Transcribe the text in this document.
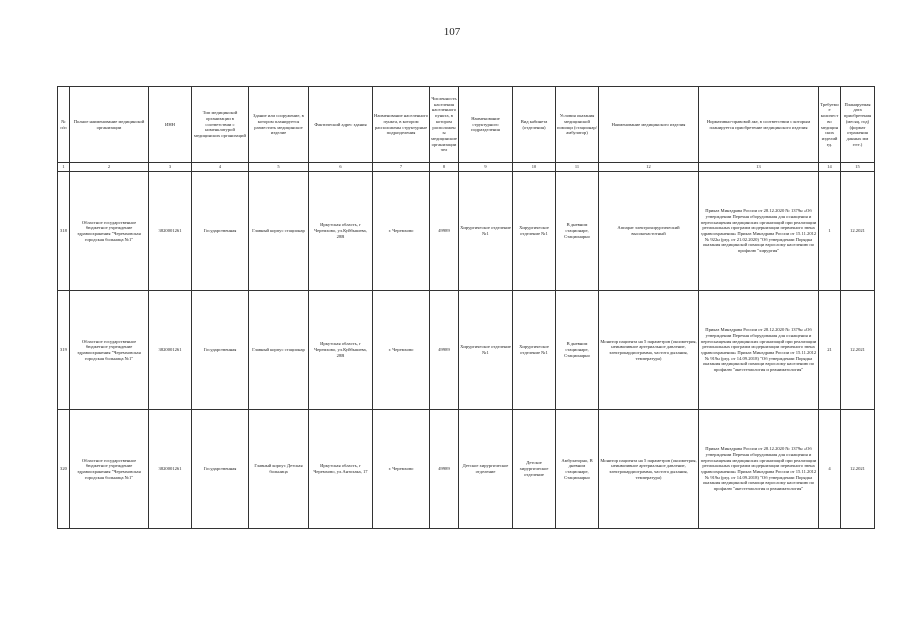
107
№ п/п	Полное наименование медицинской организации	ИНН	Тип медицинской организации в соответствии с номенклатурой медицинских организаций	Здание или сооружение, в котором планируется разместить медицинское изделие	Фактический адрес здания	Наименование населенного пункта, в котором расположены структурные подразделения	Численность населения населенного пункта, в котором расположены медицинские организации чел	Наименование структурного подразделения	Вид кабинета (отделения)	Условия оказания медицинской помощи (стационар/амбулатор)	Наименование медицинского изделия	Нормативно-правовой акт, в соответствии с которым планируется приобретение медицинского изделия	Требуемое количество медицинских изделий ед.	Планируемая дата приобретения (месяц, год) (формат отражения данных мм гггг.)
1	2	3	4	5	6	7	8	9	10	11	12	13	14	15
318	Областное государственное бюджетное учреждение здравоохранения "Черемховская городская больница №1"	3820001261	Государственная	Главный корпус стационар	Иркутская область, г Черемхово, ул.Куйбышева, 28В	г. Черемхово	49989	Хирургическое отделение №1	Хирургическое отделение №1	В дневном стационаре, Стационарно	Аппарат электрохирургический высокочастотный	Приказ Минздрава России от 28.12.2020 № 1379н «Об утверждении Перечня оборудования для оснащения и переоснащения медицинских организаций при реализации региональных программ модернизации первичного звена здравоохранения» Приказ Минздрава России от 15.11.2012 № 922н (ред. от 21.02.2020) "Об утверждении Порядка оказания медицинской помощи взрослому населению по профилю "хирургия"	1	12.2021
319	Областное государственное бюджетное учреждение здравоохранения "Черемховская городская больница №1"	3820001261	Государственная	Главный корпус стационар	Иркутская область, г Черемхово, ул.Куйбышева, 28В	г. Черемхово	49989	Хирургическое отделение №1	Хирургическое отделение №1	В дневном стационаре, Стационарно	Монитор пациента на 5 параметров (оксиметрия, неинвазивное артериальное давление, электрокардиограмма, частота дыхания, температура)	Приказ Минздрава России от 28.12.2020 № 1379н «Об утверждении Перечня оборудования для оснащения и переоснащения медицинских организаций при реализации региональных программ модернизации первичного звена здравоохранения» Приказ Минздрава России от 15.11.2012 № 919н (ред. от 14.09.2018) "Об утверждении Порядка оказания медицинской помощи взрослому населению по профилю "анестезиология и реаниматология"	21	12.2021
320	Областное государственное бюджетное учреждение здравоохранения "Черемховская городская больница №1"	3820001261	Государственная	Главный корпус Детская больница	Иркутская область, г Черемхово, ул.Антохака, 17	г. Черемхово	49989	Детское хирургическое отделение	Детское хирургическое отделение	Амбулаторно, В дневном стационаре, Стационарно	Монитор пациента на 5 параметров (оксиметрия, неинвазивное артериальное давление, электрокардиограмма, частота дыхания, температура)	Приказ Минздрава России от 28.12.2020 № 1379н «Об утверждении Перечня оборудования для оснащения и переоснащения медицинских организаций при реализации региональных программ модернизации первичного звена здравоохранения» Приказ Минздрава России от 15.11.2012 № 919н (ред. от 14.09.2018) "Об утверждении Порядка оказания медицинской помощи взрослому населению по профилю "анестезиология и реаниматология"	4	12.2021
